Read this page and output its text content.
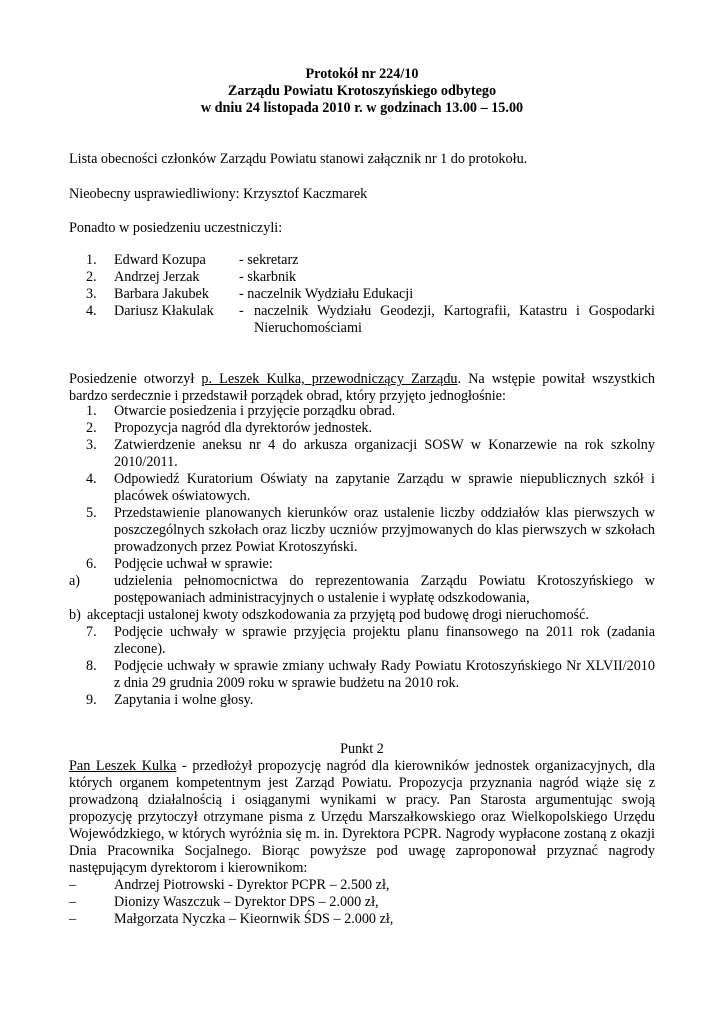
Protokół nr 224/10
Zarządu Powiatu Krotoszyńskiego odbytego
w dniu 24 listopada 2010 r. w godzinach 13.00 – 15.00
Lista obecności członków Zarządu Powiatu stanowi załącznik nr 1 do protokołu.
Nieobecny usprawiedliwiony: Krzysztof Kaczmarek
Ponadto w posiedzeniu uczestniczyli:
1. Edward Kozupa - sekretarz
2. Andrzej Jerzak	- skarbnik
3. Barbara Jakubek - naczelnik Wydziału Edukacji
4. Dariusz Kłakulak - naczelnik Wydziału Geodezji, Kartografii, Katastru i Gospodarki Nieruchomościami
Posiedzenie otworzył p. Leszek Kulka, przewodniczący Zarządu. Na wstępie powitał wszystkich bardzo serdecznie i przedstawił porządek obrad, który przyjęto jednogłośnie:
1.	Otwarcie posiedzenia i przyjęcie porządku obrad.
2.	Propozycja nagród dla dyrektorów jednostek.
3.	Zatwierdzenie aneksu nr 4 do arkusza organizacji SOSW w Konarzewie na rok szkolny 2010/2011.
4.	Odpowiedź Kuratorium Oświaty na zapytanie Zarządu w sprawie niepublicznych szkół i placówek oświatowych.
5.	Przedstawienie planowanych kierunków oraz ustalenie liczby oddziałów klas pierwszych w poszczególnych szkołach oraz liczby uczniów przyjmowanych do klas pierwszych w szkołach prowadzonych przez Powiat Krotoszyński.
6.	Podjęcie uchwał w sprawie:
a)	udzielenia pełnomocnictwa do reprezentowania Zarządu Powiatu Krotoszyńskiego w postępowaniach administracyjnych o ustalenie i wypłatę odszkodowania,
b) akceptacji ustalonej kwoty odszkodowania za przyjętą pod budowę drogi nieruchomość.
7.	Podjęcie uchwały w sprawie przyjęcia projektu planu finansowego na 2011 rok (zadania zlecone).
8.	Podjęcie uchwały w sprawie zmiany uchwały Rady Powiatu Krotoszyńskiego Nr XLVII/2010 z dnia 29 grudnia 2009 roku w sprawie budżetu na 2010 rok.
9.	Zapytania i wolne głosy.
Punkt 2
Pan Leszek Kulka - przedłożył propozycję nagród dla kierowników jednostek organizacyjnych, dla których organem kompetentnym jest Zarząd Powiatu. Propozycja przyznania nagród wiąże się z prowadzoną działalnością i osiąganymi wynikami w pracy. Pan Starosta argumentując swoją propozycję przytoczył otrzymane pisma z Urzędu Marszałkowskiego oraz Wielkopolskiego Urzędu Wojewódzkiego, w których wyróżnia się m. in. Dyrektora PCPR. Nagrody wypłacone zostaną z okazji Dnia Pracownika Socjalnego. Biorąc powyższe pod uwagę zaproponował przyznać nagrody następującym dyrektorom i kierownikom:
–	Andrzej Piotrowski - Dyrektor PCPR – 2.500 zł,
–	Dionizy Waszczuk – Dyrektor DPS – 2.000 zł,
–	Małgorzata Nyczka – Kieornwik ŚDS – 2.000 zł,
